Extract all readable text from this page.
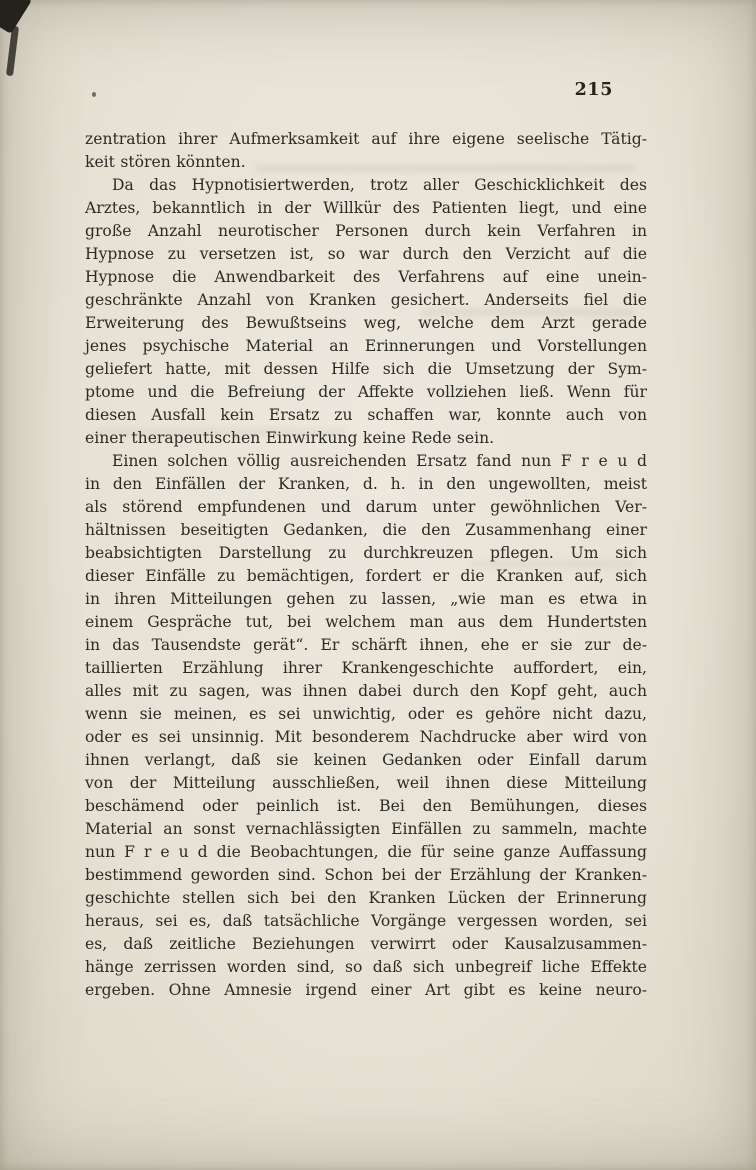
215
zentration ihrer Aufmerksamkeit auf ihre eigene seelische Tätig-
keit stören könnten.
Da das Hypnotisiertwerden, trotz aller Geschicklichkeit des
Arztes, bekanntlich in der Willkür des Patienten liegt, und eine
große Anzahl neurotischer Personen durch kein Verfahren in
Hypnose zu versetzen ist, so war durch den Verzicht auf die
Hypnose die Anwendbarkeit des Verfahrens auf eine unein-
geschränkte Anzahl von Kranken gesichert. Anderseits fiel die
Erweiterung des Bewußtseins weg, welche dem Arzt gerade
jenes psychische Material an Erinnerungen und Vorstellungen
geliefert hatte, mit dessen Hilfe sich die Umsetzung der Sym-
ptome und die Befreiung der Affekte vollziehen ließ. Wenn für
diesen Ausfall kein Ersatz zu schaffen war, konnte auch von
einer therapeutischen Einwirkung keine Rede sein.
Einen solchen völlig ausreichenden Ersatz fand nun F r e u d
in den Einfällen der Kranken, d. h. in den ungewollten, meist
als störend empfundenen und darum unter gewöhnlichen Ver-
hältnissen beseitigten Gedanken, die den Zusammenhang einer
beabsichtigten Darstellung zu durchkreuzen pflegen. Um sich
dieser Einfälle zu bemächtigen, fordert er die Kranken auf, sich
in ihren Mitteilungen gehen zu lassen, „wie man es etwa in
einem Gespräche tut, bei welchem man aus dem Hundertsten
in das Tausendste gerät“. Er schärft ihnen, ehe er sie zur de-
taillierten Erzählung ihrer Krankengeschichte auffordert, ein,
alles mit zu sagen, was ihnen dabei durch den Kopf geht, auch
wenn sie meinen, es sei unwichtig, oder es gehöre nicht dazu,
oder es sei unsinnig. Mit besonderem Nachdrucke aber wird von
ihnen verlangt, daß sie keinen Gedanken oder Einfall darum
von der Mitteilung ausschließen, weil ihnen diese Mitteilung
beschämend oder peinlich ist. Bei den Bemühungen, dieses
Material an sonst vernachlässigten Einfällen zu sammeln, machte
nun F r e u d die Beobachtungen, die für seine ganze Auffassung
bestimmend geworden sind. Schon bei der Erzählung der Kranken-
geschichte stellen sich bei den Kranken Lücken der Erinnerung
heraus, sei es, daß tatsächliche Vorgänge vergessen worden, sei
es, daß zeitliche Beziehungen verwirrt oder Kausalzusammen-
hänge zerrissen worden sind, so daß sich unbegreif liche Effekte
ergeben. Ohne Amnesie irgend einer Art gibt es keine neuro-
